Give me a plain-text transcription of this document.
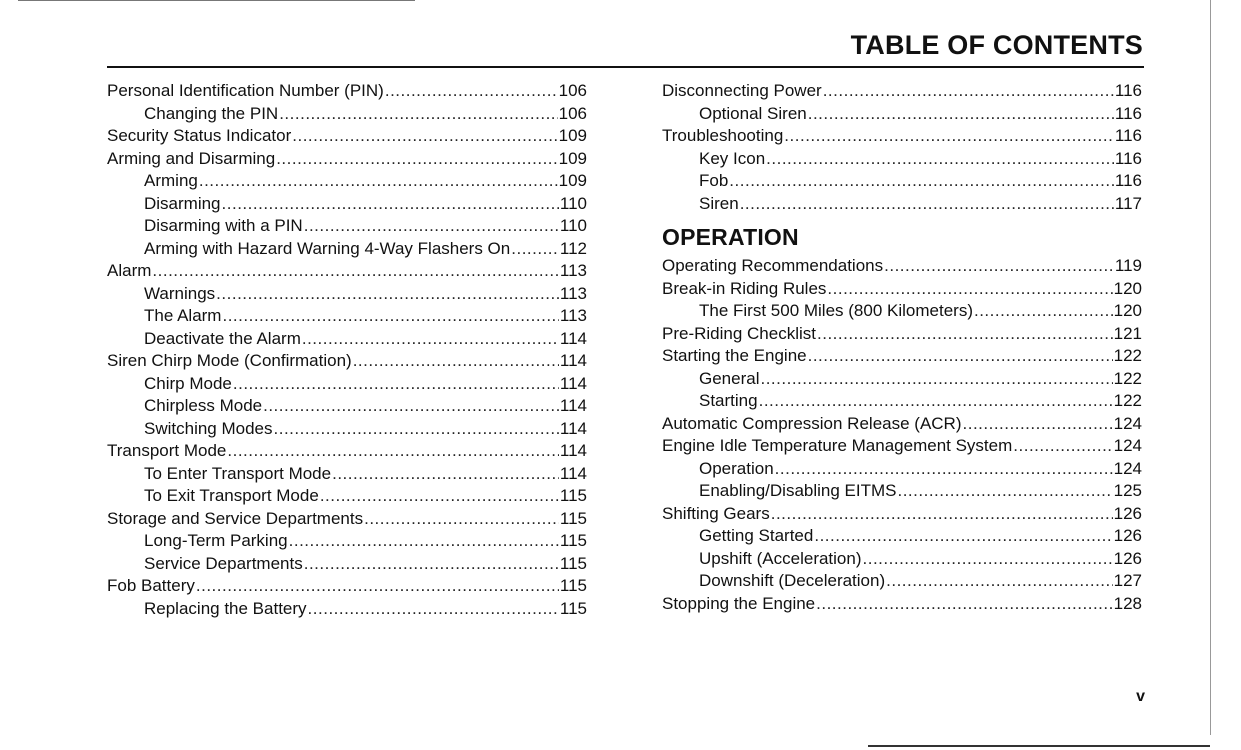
TABLE OF CONTENTS
Personal Identification Number (PIN) .....	106
Changing the PIN .....	106
Security Status Indicator .....	109
Arming and Disarming .....	109
Arming .....	109
Disarming .....	110
Disarming with a PIN .....	110
Arming with Hazard Warning 4-Way Flashers On .....	112
Alarm .....	113
Warnings .....	113
The Alarm .....	113
Deactivate the Alarm .....	114
Siren Chirp Mode (Confirmation) .....	114
Chirp Mode .....	114
Chirpless Mode .....	114
Switching Modes .....	114
Transport Mode .....	114
To Enter Transport Mode .....	114
To Exit Transport Mode .....	115
Storage and Service Departments .....	115
Long-Term Parking .....	115
Service Departments .....	115
Fob Battery .....	115
Replacing the Battery .....	115
Disconnecting Power .....	116
Optional Siren .....	116
Troubleshooting .....	116
Key Icon .....	116
Fob .....	116
Siren .....	117
OPERATION
Operating Recommendations .....	119
Break-in Riding Rules .....	120
The First 500 Miles (800 Kilometers) .....	120
Pre-Riding Checklist .....	121
Starting the Engine .....	122
General .....	122
Starting .....	122
Automatic Compression Release (ACR) .....	124
Engine Idle Temperature Management System .....	124
Operation .....	124
Enabling/Disabling EITMS .....	125
Shifting Gears .....	126
Getting Started .....	126
Upshift (Acceleration) .....	126
Downshift (Deceleration) .....	127
Stopping the Engine .....	128
v
